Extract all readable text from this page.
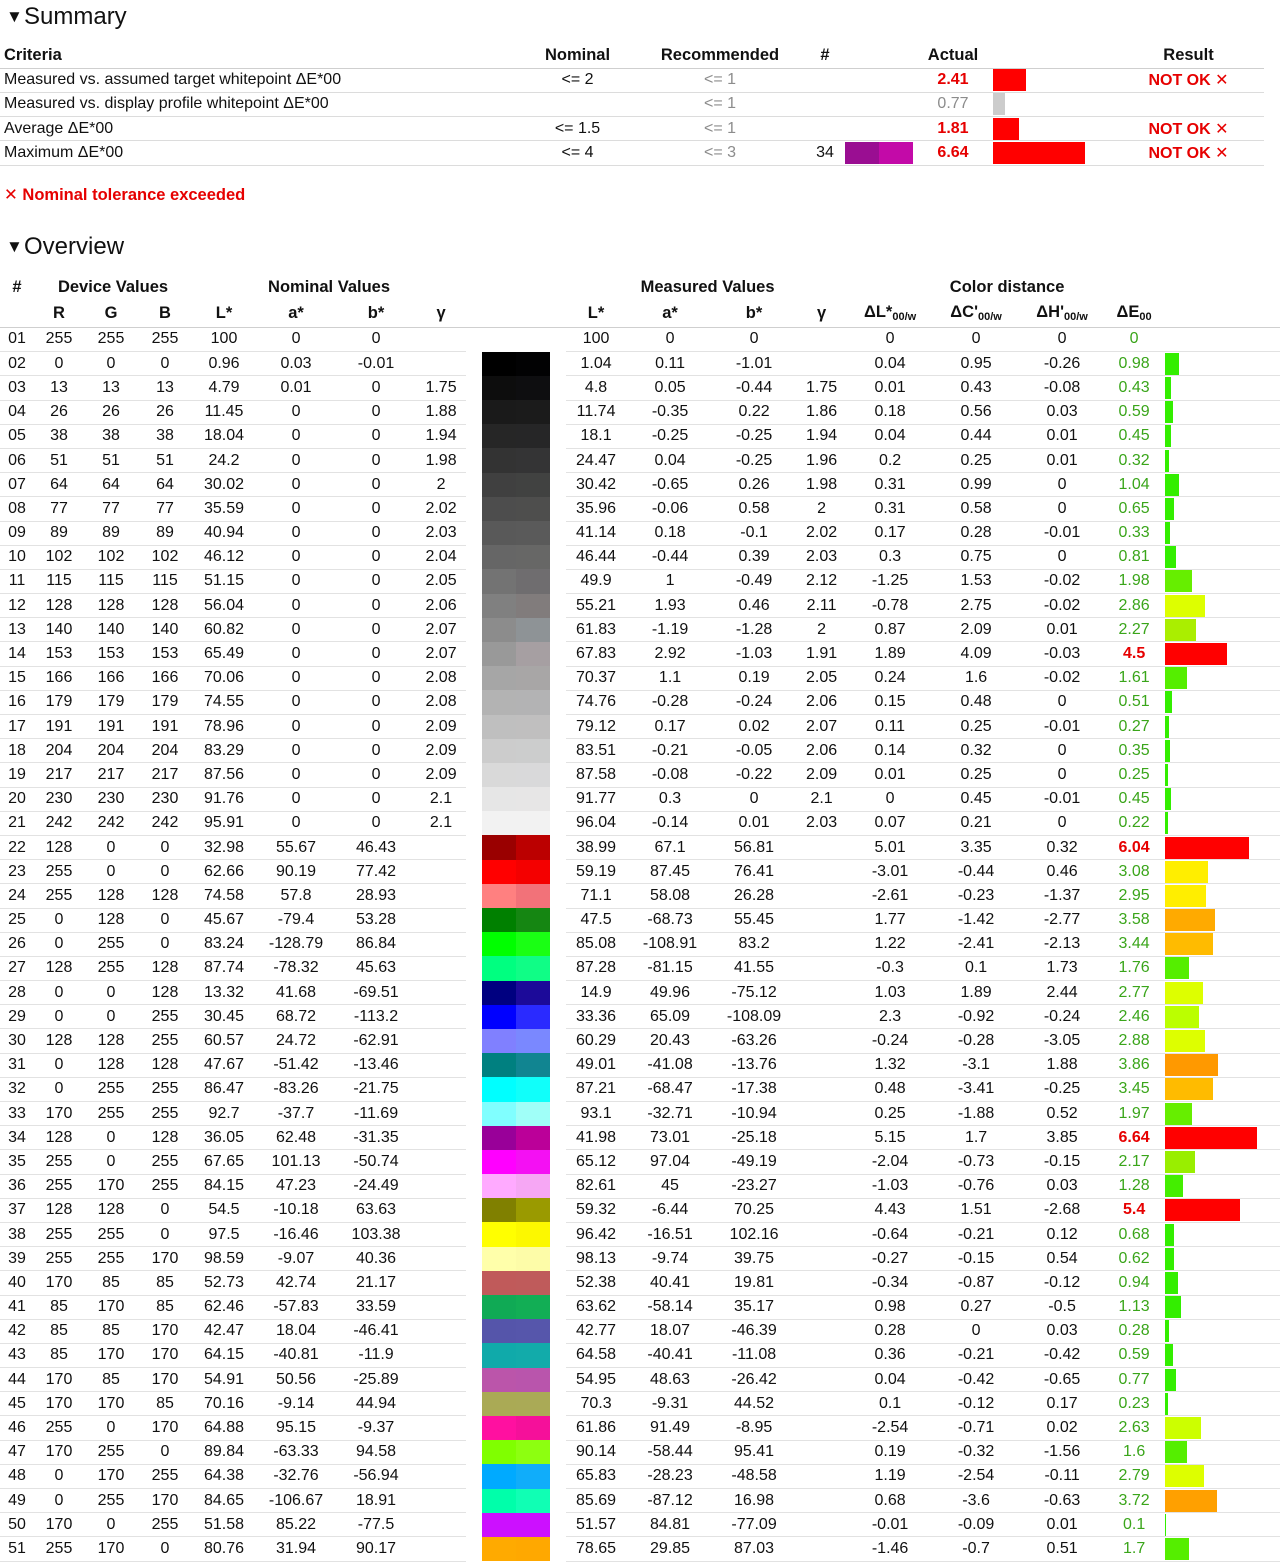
▼Summary
Criteria	Nominal	Recommended	#		Actual		Result
Measured vs. assumed target whitepoint ΔE*00	<= 2	<= 1			2.41		NOT OK ✕
Measured vs. display profile whitepoint ΔE*00		<= 1			0.77	

Average ΔE*00	<= 1.5	<= 1			1.81		NOT OK ✕
Maximum ΔE*00	<= 4	<= 3	34		6.64		NOT OK ✕
✕ Nominal tolerance exceeded
▼Overview
#	Device Values			Nominal Values					Measured Values				Color distance				
	R	G	B	L*	a*	b*	γ		L*	a*	b*	γ	$\Delta L*_{00/w}$	$\Delta C'_{00/w}$	$\Delta H'_{00/w}$	$\Delta E_{00}$	
01	255	255	255	100	0	0			100	0	0		0	0	0	0	

02	0	0	0	0.96	0.03	-0.01			1.04	0.11	-1.01		0.04	0.95	-0.26	0.98	

03	13	13	13	4.79	0.01	0	1.75		4.8	0.05	-0.44	1.75	0.01	0.43	-0.08	0.43	

04	26	26	26	11.45	0	0	1.88		11.74	-0.35	0.22	1.86	0.18	0.56	0.03	0.59	

05	38	38	38	18.04	0	0	1.94		18.1	-0.25	-0.25	1.94	0.04	0.44	0.01	0.45	

06	51	51	51	24.2	0	0	1.98		24.47	0.04	-0.25	1.96	0.2	0.25	0.01	0.32	

07	64	64	64	30.02	0	0	2		30.42	-0.65	0.26	1.98	0.31	0.99	0	1.04	

08	77	77	77	35.59	0	0	2.02		35.96	-0.06	0.58	2	0.31	0.58	0	0.65	

09	89	89	89	40.94	0	0	2.03		41.14	0.18	-0.1	2.02	0.17	0.28	-0.01	0.33	

10	102	102	102	46.12	0	0	2.04		46.44	-0.44	0.39	2.03	0.3	0.75	0	0.81	

11	115	115	115	51.15	0	0	2.05		49.9	1	-0.49	2.12	-1.25	1.53	-0.02	1.98	

12	128	128	128	56.04	0	0	2.06		55.21	1.93	0.46	2.11	-0.78	2.75	-0.02	2.86	

13	140	140	140	60.82	0	0	2.07		61.83	-1.19	-1.28	2	0.87	2.09	0.01	2.27	

14	153	153	153	65.49	0	0	2.07		67.83	2.92	-1.03	1.91	1.89	4.09	-0.03	4.5	

15	166	166	166	70.06	0	0	2.08		70.37	1.1	0.19	2.05	0.24	1.6	-0.02	1.61	

16	179	179	179	74.55	0	0	2.08		74.76	-0.28	-0.24	2.06	0.15	0.48	0	0.51	

17	191	191	191	78.96	0	0	2.09		79.12	0.17	0.02	2.07	0.11	0.25	-0.01	0.27	

18	204	204	204	83.29	0	0	2.09		83.51	-0.21	-0.05	2.06	0.14	0.32	0	0.35	

19	217	217	217	87.56	0	0	2.09		87.58	-0.08	-0.22	2.09	0.01	0.25	0	0.25	

20	230	230	230	91.76	0	0	2.1		91.77	0.3	0	2.1	0	0.45	-0.01	0.45	

21	242	242	242	95.91	0	0	2.1		96.04	-0.14	0.01	2.03	0.07	0.21	0	0.22	

22	128	0	0	32.98	55.67	46.43			38.99	67.1	56.81		5.01	3.35	0.32	6.04	

23	255	0	0	62.66	90.19	77.42			59.19	87.45	76.41		-3.01	-0.44	0.46	3.08	

24	255	128	128	74.58	57.8	28.93			71.1	58.08	26.28		-2.61	-0.23	-1.37	2.95	

25	0	128	0	45.67	-79.4	53.28			47.5	-68.73	55.45		1.77	-1.42	-2.77	3.58	

26	0	255	0	83.24	-128.79	86.84			85.08	-108.91	83.2		1.22	-2.41	-2.13	3.44	

27	128	255	128	87.74	-78.32	45.63			87.28	-81.15	41.55		-0.3	0.1	1.73	1.76	

28	0	0	128	13.32	41.68	-69.51			14.9	49.96	-75.12		1.03	1.89	2.44	2.77	

29	0	0	255	30.45	68.72	-113.2			33.36	65.09	-108.09		2.3	-0.92	-0.24	2.46	

30	128	128	255	60.57	24.72	-62.91			60.29	20.43	-63.26		-0.24	-0.28	-3.05	2.88	

31	0	128	128	47.67	-51.42	-13.46			49.01	-41.08	-13.76		1.32	-3.1	1.88	3.86	

32	0	255	255	86.47	-83.26	-21.75			87.21	-68.47	-17.38		0.48	-3.41	-0.25	3.45	

33	170	255	255	92.7	-37.7	-11.69			93.1	-32.71	-10.94		0.25	-1.88	0.52	1.97	

34	128	0	128	36.05	62.48	-31.35			41.98	73.01	-25.18		5.15	1.7	3.85	6.64	

35	255	0	255	67.65	101.13	-50.74			65.12	97.04	-49.19		-2.04	-0.73	-0.15	2.17	

36	255	170	255	84.15	47.23	-24.49			82.61	45	-23.27		-1.03	-0.76	0.03	1.28	

37	128	128	0	54.5	-10.18	63.63			59.32	-6.44	70.25		4.43	1.51	-2.68	5.4	

38	255	255	0	97.5	-16.46	103.38			96.42	-16.51	102.16		-0.64	-0.21	0.12	0.68	

39	255	255	170	98.59	-9.07	40.36			98.13	-9.74	39.75		-0.27	-0.15	0.54	0.62	

40	170	85	85	52.73	42.74	21.17			52.38	40.41	19.81		-0.34	-0.87	-0.12	0.94	

41	85	170	85	62.46	-57.83	33.59			63.62	-58.14	35.17		0.98	0.27	-0.5	1.13	

42	85	85	170	42.47	18.04	-46.41			42.77	18.07	-46.39		0.28	0	0.03	0.28	

43	85	170	170	64.15	-40.81	-11.9			64.58	-40.41	-11.08		0.36	-0.21	-0.42	0.59	

44	170	85	170	54.91	50.56	-25.89			54.95	48.63	-26.42		0.04	-0.42	-0.65	0.77	

45	170	170	85	70.16	-9.14	44.94			70.3	-9.31	44.52		0.1	-0.12	0.17	0.23	

46	255	0	170	64.88	95.15	-9.37			61.86	91.49	-8.95		-2.54	-0.71	0.02	2.63	

47	170	255	0	89.84	-63.33	94.58			90.14	-58.44	95.41		0.19	-0.32	-1.56	1.6	

48	0	170	255	64.38	-32.76	-56.94			65.83	-28.23	-48.58		1.19	-2.54	-0.11	2.79	

49	0	255	170	84.65	-106.67	18.91			85.69	-87.12	16.98		0.68	-3.6	-0.63	3.72	

50	170	0	255	51.58	85.22	-77.5			51.57	84.81	-77.09		-0.01	-0.09	0.01	0.1	

51	255	170	0	80.76	31.94	90.17			78.65	29.85	87.03		-1.46	-0.7	0.51	1.7	
